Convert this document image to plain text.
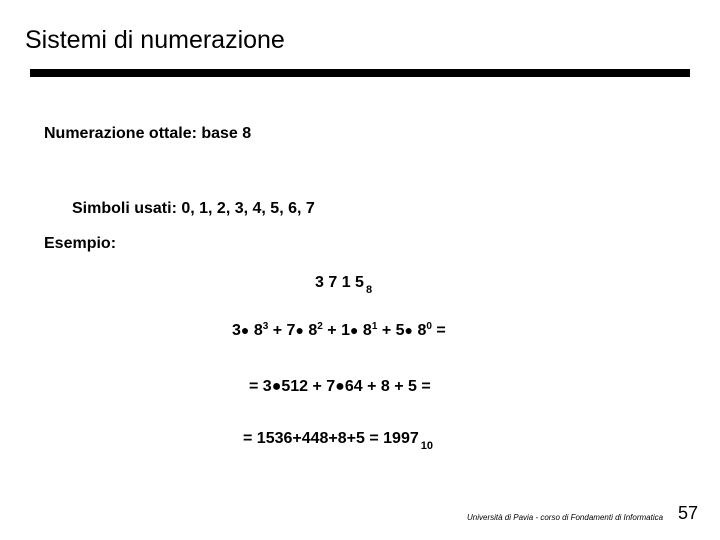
Sistemi di numerazione
Numerazione ottale: base 8
Simboli usati: 0, 1, 2, 3, 4, 5, 6, 7
Esempio:
3 7 1 5 $_8$
3● $8^3$ + 7● $8^2$ + 1● $8^1$ + 5● $8^0$ =
= 3●512 + 7●64 + 8 + 5 =
= 1536+448+8+5 = 1997 $_{10}$
Università di Pavia - corso di Fondamenti di Informatica 57
